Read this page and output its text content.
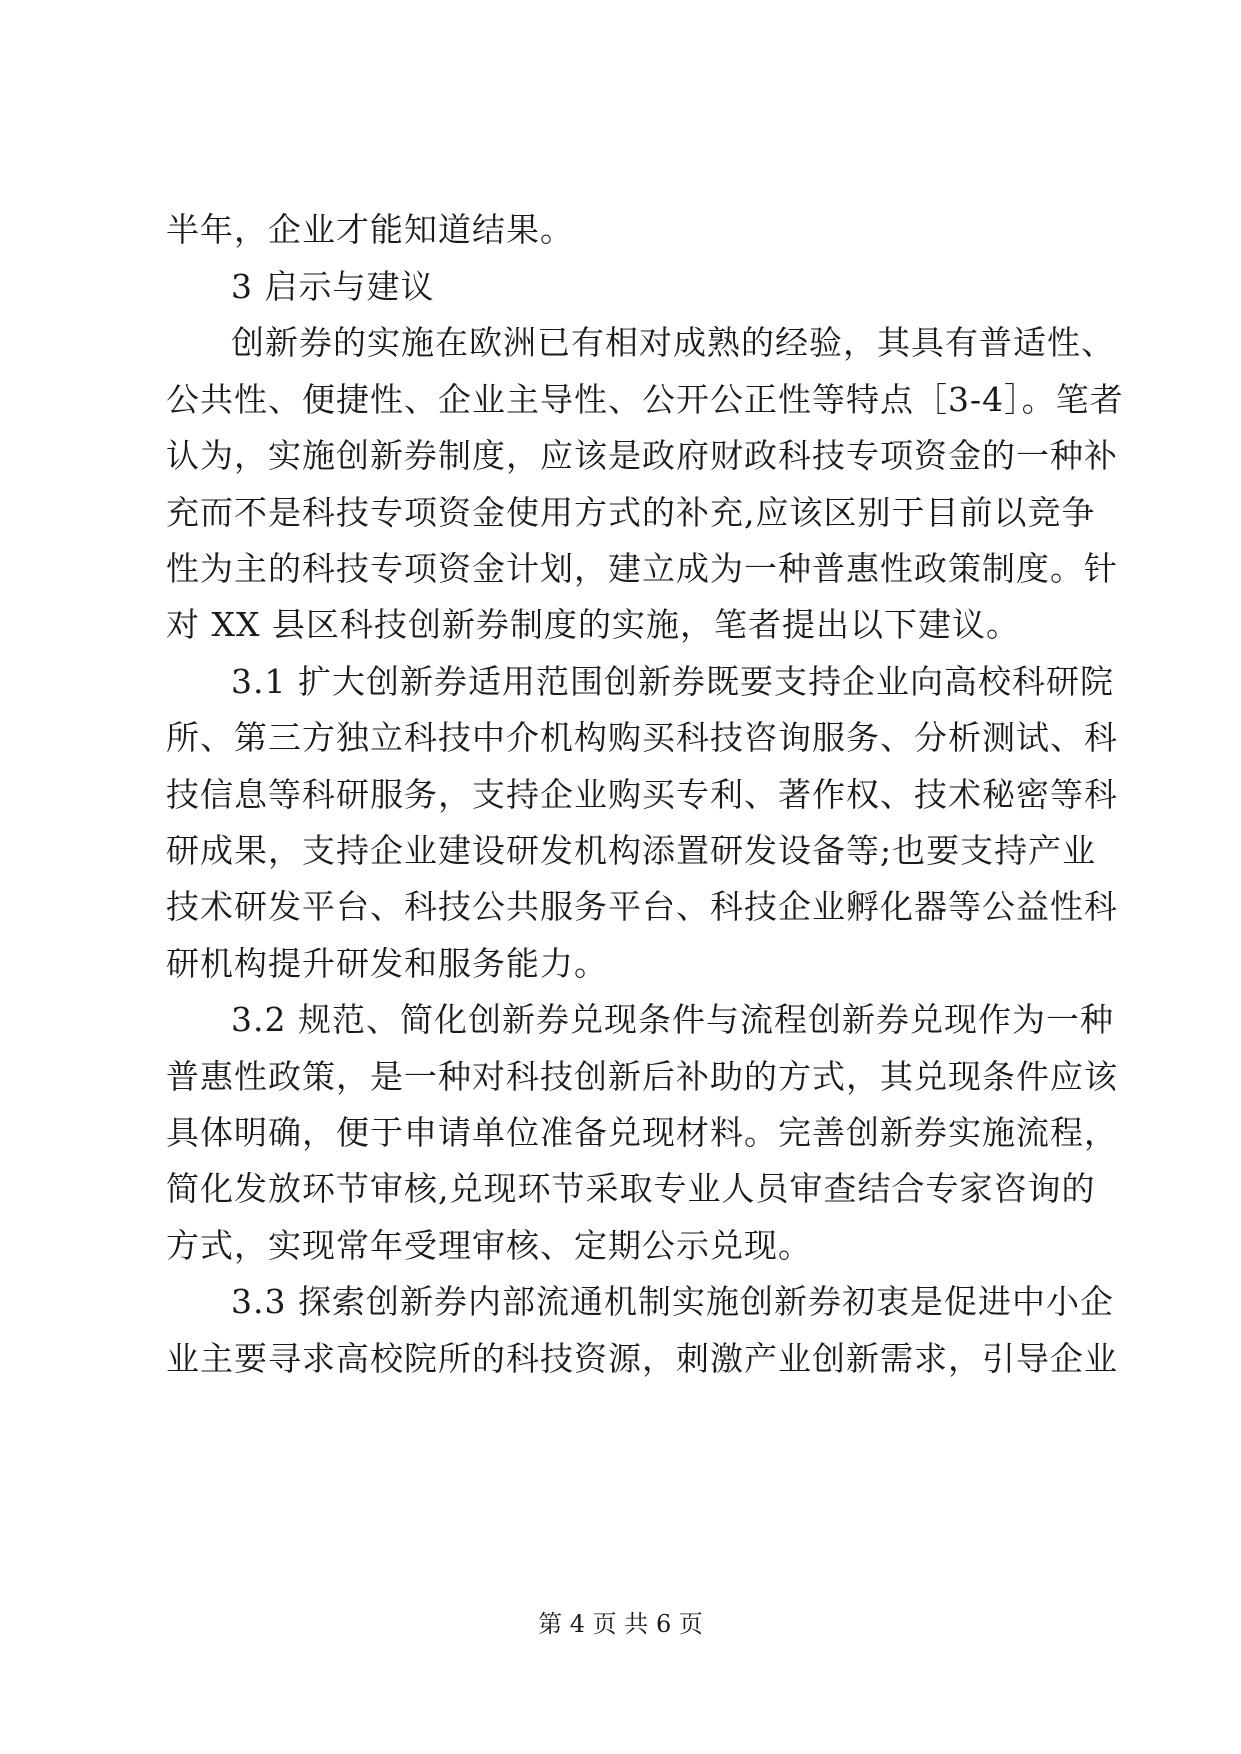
半年，企业才能知道结果。
3 启示与建议
创新券的实施在欧洲已有相对成熟的经验，其具有普适性、
公共性、便捷性、企业主导性、公开公正性等特点［3-4］。笔者
认为，实施创新券制度，应该是政府财政科技专项资金的一种补
充而不是科技专项资金使用方式的补充,应该区别于目前以竞争
性为主的科技专项资金计划，建立成为一种普惠性政策制度。针
对 XX 县区科技创新券制度的实施，笔者提出以下建议。
3.1 扩大创新券适用范围创新券既要支持企业向高校科研院
所、第三方独立科技中介机构购买科技咨询服务、分析测试、科
技信息等科研服务，支持企业购买专利、著作权、技术秘密等科
研成果，支持企业建设研发机构添置研发设备等;也要支持产业
技术研发平台、科技公共服务平台、科技企业孵化器等公益性科
研机构提升研发和服务能力。
3.2 规范、简化创新券兑现条件与流程创新券兑现作为一种
普惠性政策，是一种对科技创新后补助的方式，其兑现条件应该
具体明确，便于申请单位准备兑现材料。完善创新券实施流程，
简化发放环节审核,兑现环节采取专业人员审查结合专家咨询的
方式，实现常年受理审核、定期公示兑现。
3.3 探索创新券内部流通机制实施创新券初衷是促进中小企
业主要寻求高校院所的科技资源，刺激产业创新需求，引导企业
第 4 页 共 6 页
